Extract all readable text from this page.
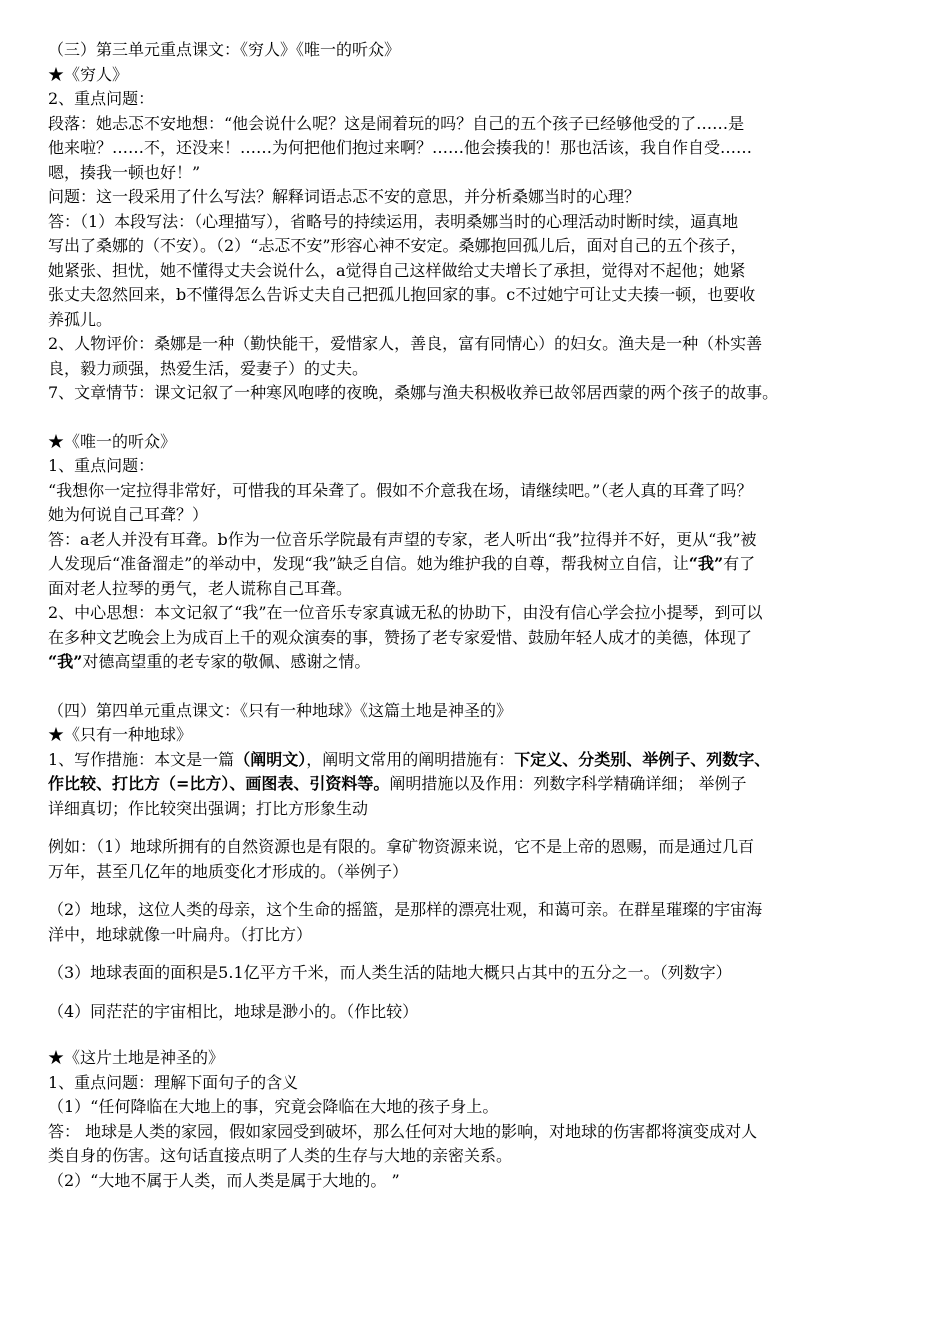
（三）第三单元重点课文：《穷人》《唯一的听众》

★《穷人》

2、重点问题：

段落：她忐忑不安地想：“他会说什么呢？这是闹着玩的吗？自己的五个孩子已经够他受的了……是

他来啦？……不，还没来！……为何把他们抱过来啊？……他会揍我的！那也活该，我自作自受……

嗯，揍我一顿也好！”

问题：这一段采用了什么写法？解释词语忐忑不安的意思，并分析桑娜当时的心理？

答：（1）本段写法：（心理描写），省略号的持续运用，表明桑娜当时的心理活动时断时续，逼真地

写出了桑娜的（不安）。（2）“忐忑不安”形容心神不安定。桑娜抱回孤儿后，面对自己的五个孩子，

她紧张、担忧，她不懂得丈夫会说什么，a觉得自己这样做给丈夫增长了承担，觉得对不起他；她紧

张丈夫忽然回来，b不懂得怎么告诉丈夫自己把孤儿抱回家的事。c不过她宁可让丈夫揍一顿，也要收

养孤儿。

2、人物评价：桑娜是一种（勤快能干，爱惜家人，善良，富有同情心）的妇女。渔夫是一种（朴实善

良，毅力顽强，热爱生活，爱妻子）的丈夫。

7、文章情节：课文记叙了一种寒风咆哮的夜晚，桑娜与渔夫积极收养已故邻居西蒙的两个孩子的故事。

★《唯一的听众》

1、重点问题：

“我想你一定拉得非常好，可惜我的耳朵聋了。假如不介意我在场，请继续吧。”（老人真的耳聋了吗？

她为何说自己耳聋？）

答：a老人并没有耳聋。b作为一位音乐学院最有声望的专家，老人听出“我”拉得并不好，更从“我”被

人发现后“准备溜走”的举动中，发现“我”缺乏自信。她为维护我的自尊，帮我树立自信，让“我”有了

面对老人拉琴的勇气，老人谎称自己耳聋。

2、中心思想：本文记叙了“我”在一位音乐专家真诚无私的协助下，由没有信心学会拉小提琴，到可以

在多种文艺晚会上为成百上千的观众演奏的事，赞扬了老专家爱惜、鼓励年轻人成才的美德，体现了

“我”对德高望重的老专家的敬佩、感谢之情。

（四）第四单元重点课文：《只有一种地球》《这篇土地是神圣的》

★《只有一种地球》

1、写作措施：本文是一篇（阐明文），阐明文常用的阐明措施有：下定义、分类别、举例子、列数字、

作比较、打比方（=比方）、画图表、引资料等。阐明措施以及作用：列数字科学精确详细； 举例子

详细真切；作比较突出强调；打比方形象生动

例如：（1）地球所拥有的自然资源也是有限的。拿矿物资源来说，它不是上帝的恩赐，而是通过几百

万年，甚至几亿年的地质变化才形成的。（举例子）

（2）地球，这位人类的母亲，这个生命的摇篮，是那样的漂亮壮观，和蔼可亲。在群星璀璨的宇宙海

洋中，地球就像一叶扁舟。（打比方）

（3）地球表面的面积是5.1亿平方千米，而人类生活的陆地大概只占其中的五分之一。（列数字）

（4）同茫茫的宇宙相比，地球是渺小的。（作比较）

★《这片土地是神圣的》

1、重点问题：理解下面句子的含义

（1）“任何降临在大地上的事，究竟会降临在大地的孩子身上。

答： 地球是人类的家园，假如家园受到破坏，那么任何对大地的影响，对地球的伤害都将演变成对人

类自身的伤害。这句话直接点明了人类的生存与大地的亲密关系。

（2）“大地不属于人类，而人类是属于大地的。 ”
